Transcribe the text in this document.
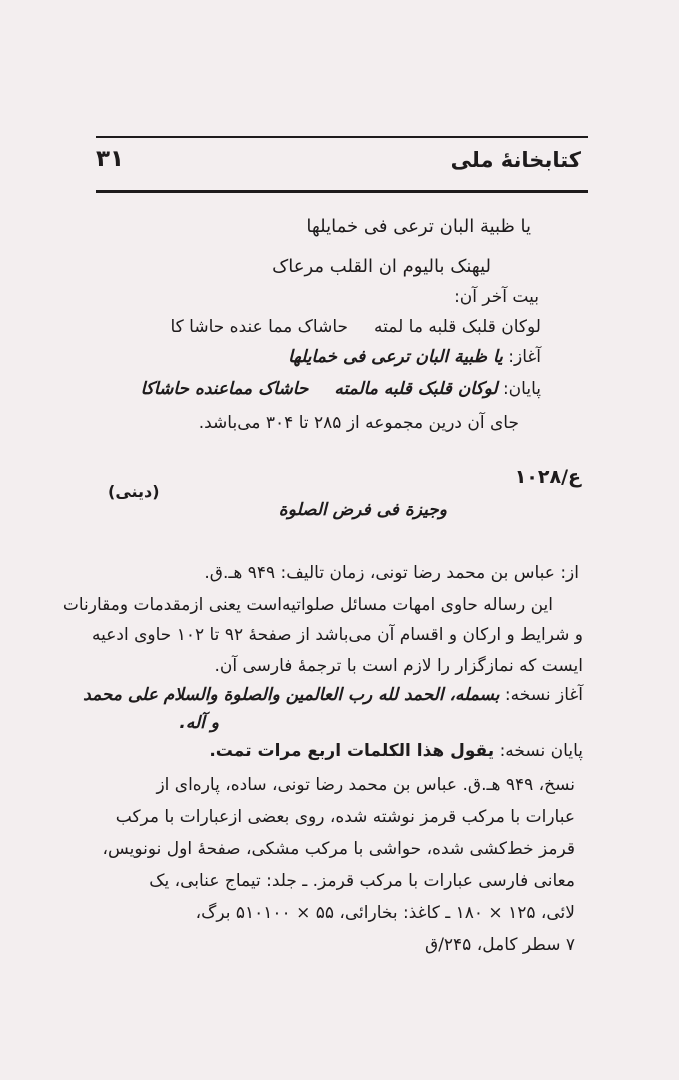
کتابخانهٔ ملی
۳۱
یا ظبیة البان ترعی فی خمایلها
لیهنک بالیوم ان القلب مرعاک
بیت آخر آن:
لوکان قلبک قلبه ما لمتهحاشاک مما عنده حاشا کا
آغاز: یا ظبیة البان ترعی فی خمایلها
پایان: لوکان قلبک قلبه مالمتهحاشاک مماعنده حاشاکا
جای آن درین مجموعه از ۲۸۵ تا ۳۰۴ می‌باشد.
ع/۱۰۲۸
(دینی)
وجیزة فی فرض الصلوة
از: عباس بن محمد رضا تونی، زمان تالیف: ۹۴۹ هـ.ق.
این رساله حاوی امهات مسائل صلواتیه‌است یعنی ازمقدمات ومقارنات
و شرایط و ارکان و اقسام آن می‌باشد از صفحهٔ ۹۲ تا ۱۰۲ حاوی ادعیه
ایست که نمازگزار را لازم است با ترجمهٔ فارسی آن.
آغاز نسخه: بسمله، الحمد لله رب العالمین والصلوة والسلام علی محمد
و آله.
پایان نسخه: یقول هذا الکلمات اربع مرات تمت.
نسخ، ۹۴۹ هـ.ق. عباس بن محمد رضا تونی، ساده، پاره‌ای از
عبارات با مرکب قرمز نوشته شده، روی بعضی ازعبارات با مرکب
قرمز خط‌کشی شده، حواشی با مرکب مشکی، صفحهٔ اول نونویس،
معانی فارسی عبارات با مرکب قرمز. ـ جلد: تیماج عنابی، یک
لائی، ۱۲۵ × ۱۸۰ ـ کاغذ: بخارائی، ۵۵ × ۵۱۰۱۰۰ برگ،
۷ سطر کامل، ۲۴۵/ق
